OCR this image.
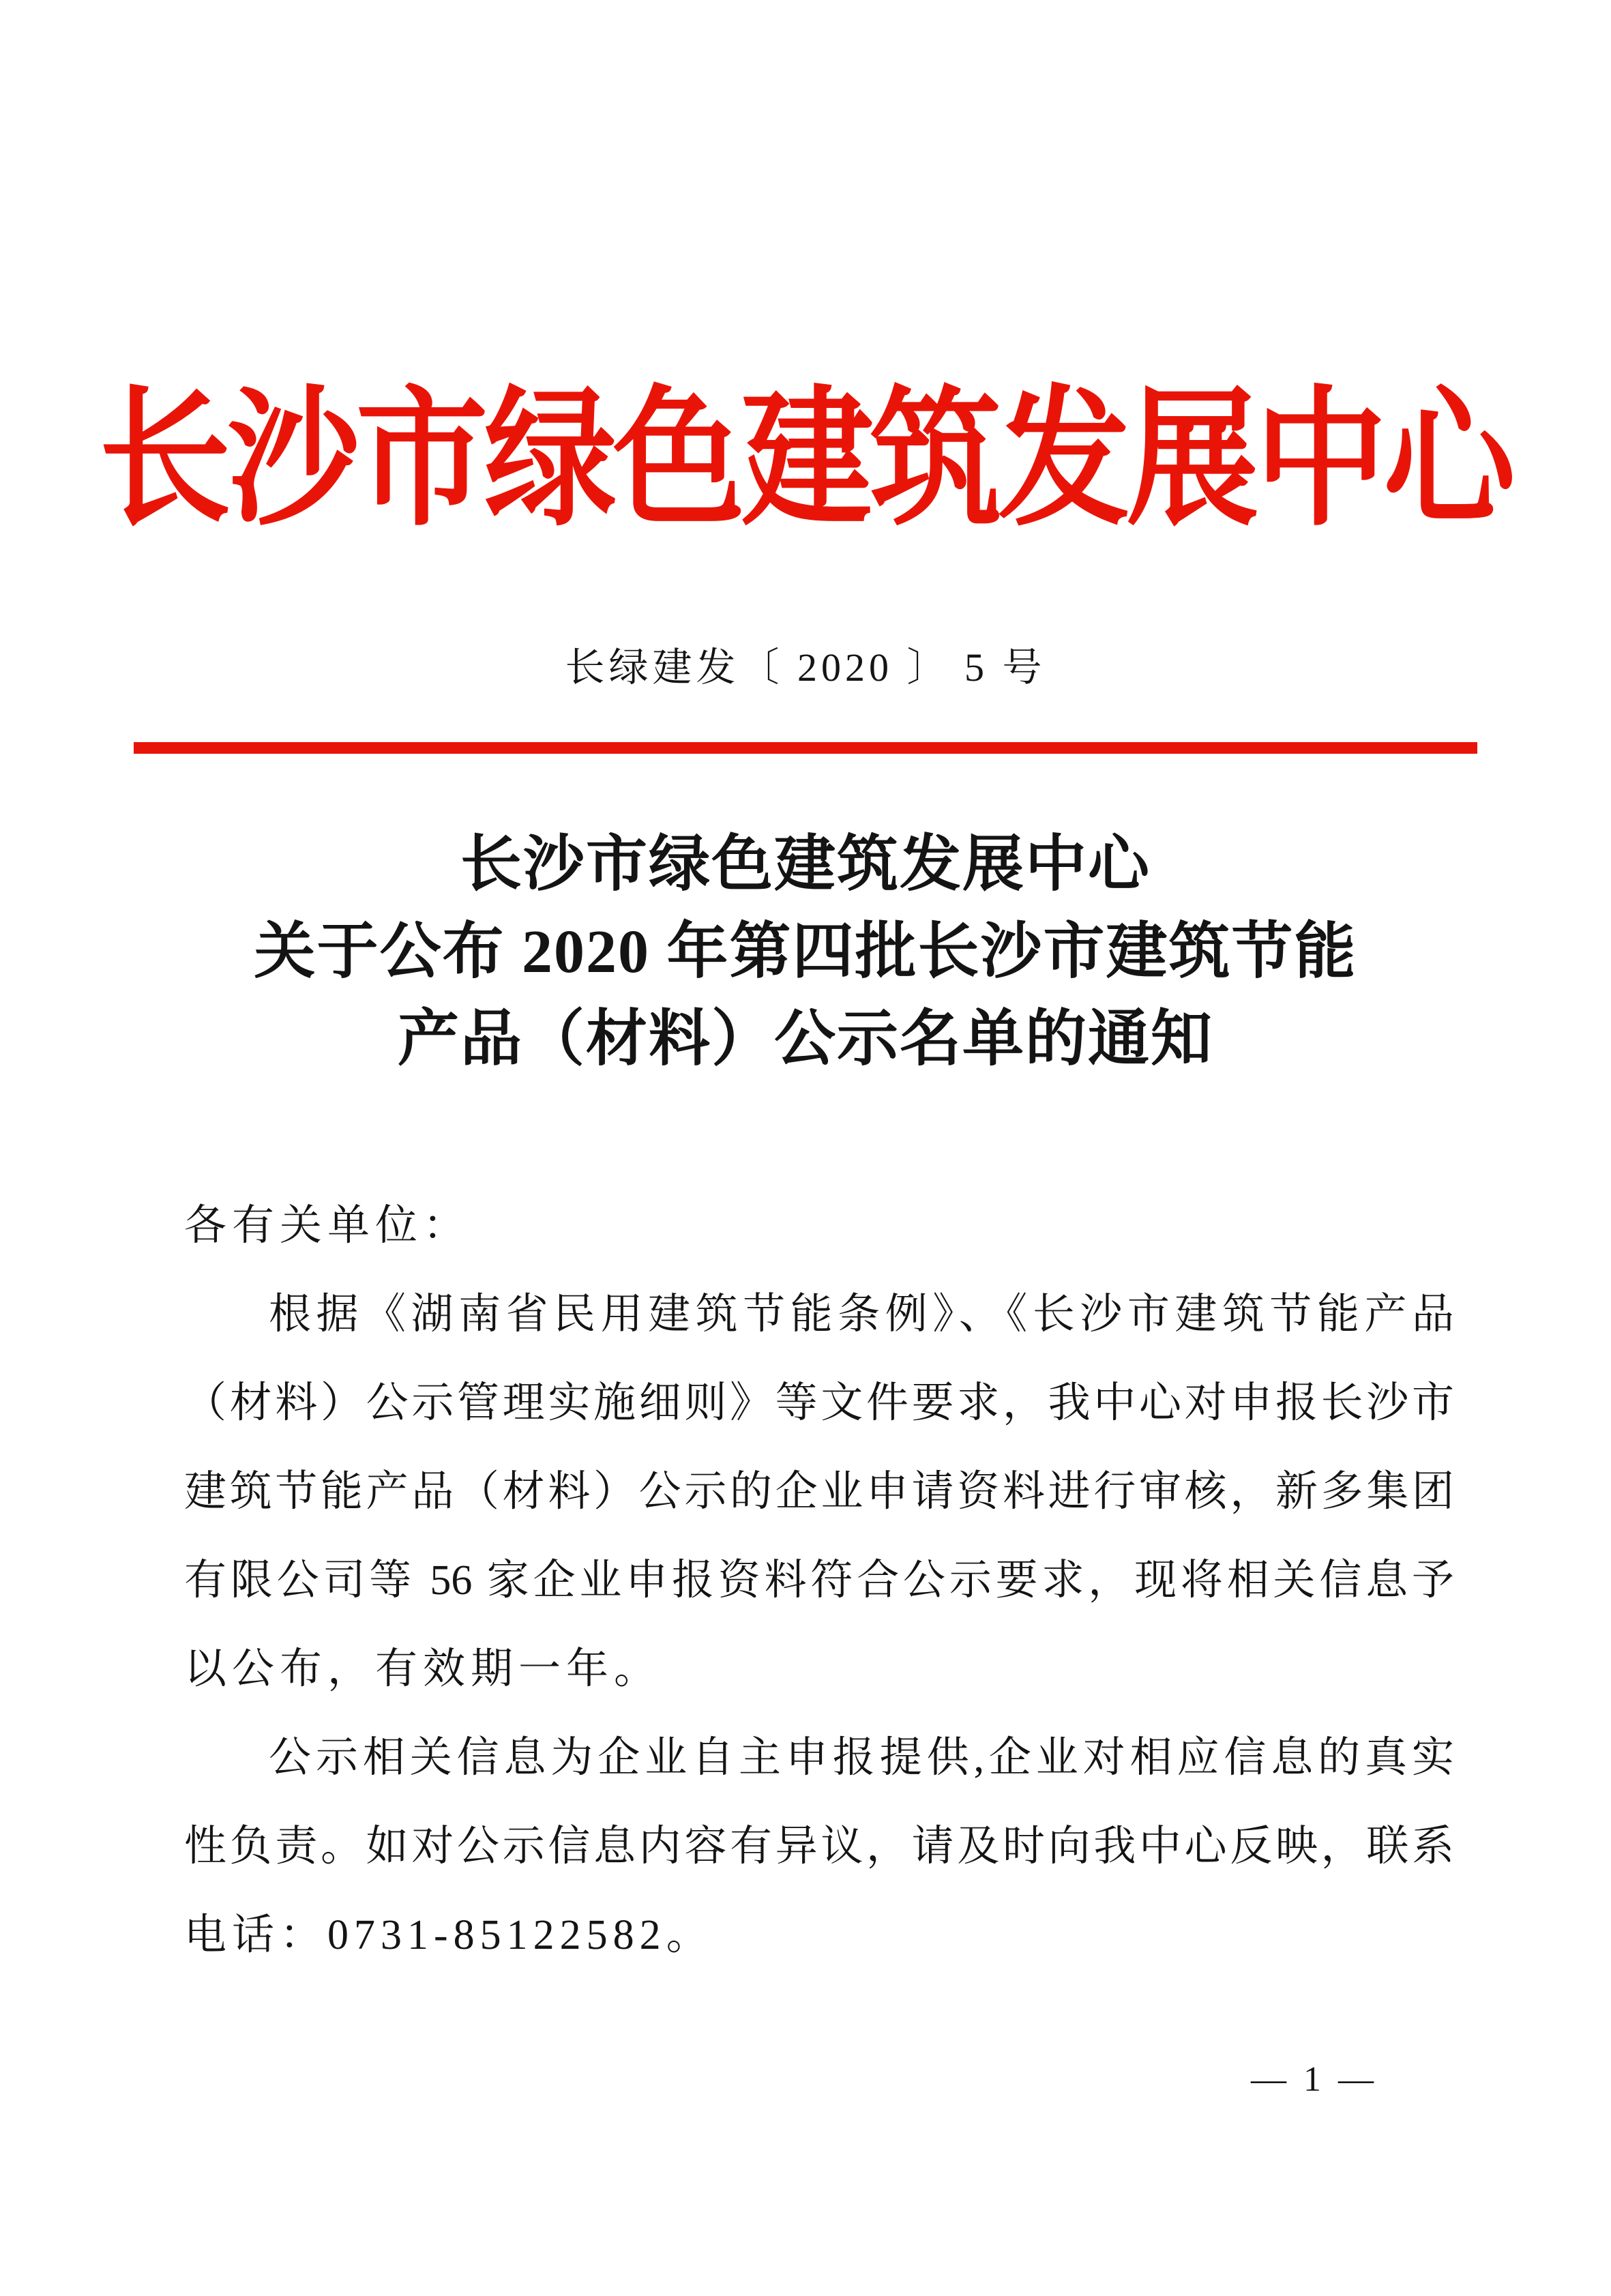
长沙市绿色建筑发展中心
长绿建发〔 2020 〕 5 号
长沙市绿色建筑发展中心
关于公布 2020 年第四批长沙市建筑节能
产品（材料）公示名单的通知
各有关单位：
根据《湖南省民用建筑节能条例》、《长沙市建筑节能产品
（材料）公示管理实施细则》等文件要求，我中心对申报长沙市
建筑节能产品（材料）公示的企业申请资料进行审核，新多集团
有限公司等 56 家企业申报资料符合公示要求，现将相关信息予
以公布，有效期一年。
公示相关信息为企业自主申报提供,企业对相应信息的真实
性负责。如对公示信息内容有异议，请及时向我中心反映，联系
电话：0731-85122582。
— 1 —
